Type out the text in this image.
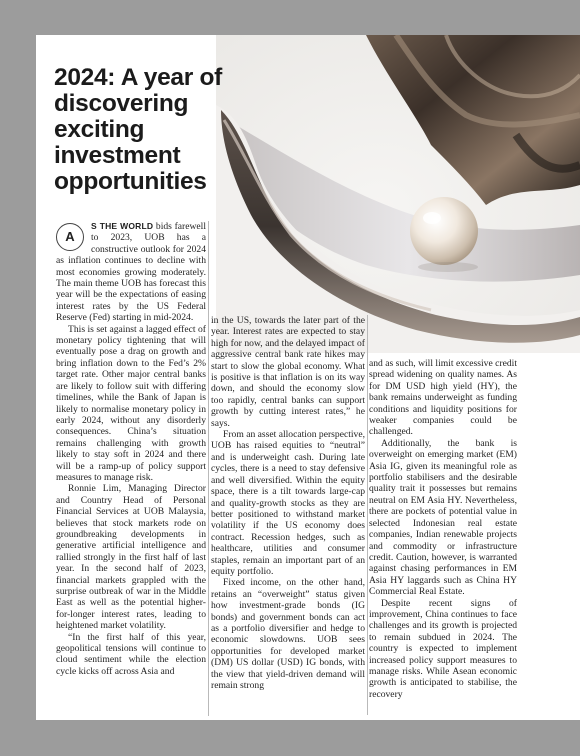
2024: A year of discovering exciting investment opportunities

A
S THE WORLD bids farewell to 2023, UOB has a constructive outlook for 2024 as inflation continues to decline with most economies growing moderately. The main theme UOB has forecast this year will be the expectations of easing interest rates by the US Federal Reserve (Fed) starting in mid-2024.

This is set against a lagged effect of monetary policy tightening that will eventually pose a drag on growth and bring inflation down to the Fed’s 2% target rate. Other major central banks are likely to follow suit with differing timelines, while the Bank of Japan is likely to normalise monetary policy in early 2024, without any disorderly consequences. China’s situation remains challenging with growth likely to stay soft in 2024 and there will be a ramp-up of policy support measures to manage risk.

Ronnie Lim, Managing Director and Country Head of Personal Financial Services at UOB Malaysia, believes that stock markets rode on groundbreaking developments in generative artificial intelligence and rallied strongly in the first half of last year. In the second half of 2023, financial markets grappled with the surprise outbreak of war in the Middle East as well as the potential higher-for-longer interest rates, leading to heightened market volatility.

“In the first half of this year, geopolitical tensions will continue to cloud sentiment while the election cycle kicks off across Asia and

in the US, towards the later part of the year. Interest rates are expected to stay high for now, and the delayed impact of aggressive central bank rate hikes may start to slow the global economy. What is positive is that inflation is on its way down, and should the economy slow too rapidly, central banks can support growth by cutting interest rates,” he says.

From an asset allocation perspective, UOB has raised equities to “neutral” and is underweight cash. During late cycles, there is a need to stay defensive and well diversified. Within the equity space, there is a tilt towards large-cap and quality-growth stocks as they are better positioned to withstand market volatility if the US economy does contract. Recession hedges, such as healthcare, utilities and consumer staples, remain an important part of an equity portfolio.

Fixed income, on the other hand, retains an “overweight” status given how investment-grade bonds (IG bonds) and government bonds can act as a portfolio diversifier and hedge to economic slowdowns. UOB sees opportunities for developed market (DM) US dollar (USD) IG bonds, with the view that yield-driven demand will remain strong

and as such, will limit excessive credit spread widening on quality names. As for DM USD high yield (HY), the bank remains underweight as funding conditions and liquidity positions for weaker companies could be challenged.

Additionally, the bank is overweight on emerging market (EM) Asia IG, given its meaningful role as portfolio stabilisers and the desirable quality trait it possesses but remains neutral on EM Asia HY. Nevertheless, there are pockets of potential value in selected Indonesian real estate companies, Indian renewable projects and commodity or infrastructure credit. Caution, however, is warranted against chasing performances in EM Asia HY laggards such as China HY Commercial Real Estate.

Despite recent signs of improvement, China continues to face challenges and its growth is projected to remain subdued in 2024. The country is expected to implement increased policy support measures to manage risks. While Asean economic growth is anticipated to stabilise, the recovery
